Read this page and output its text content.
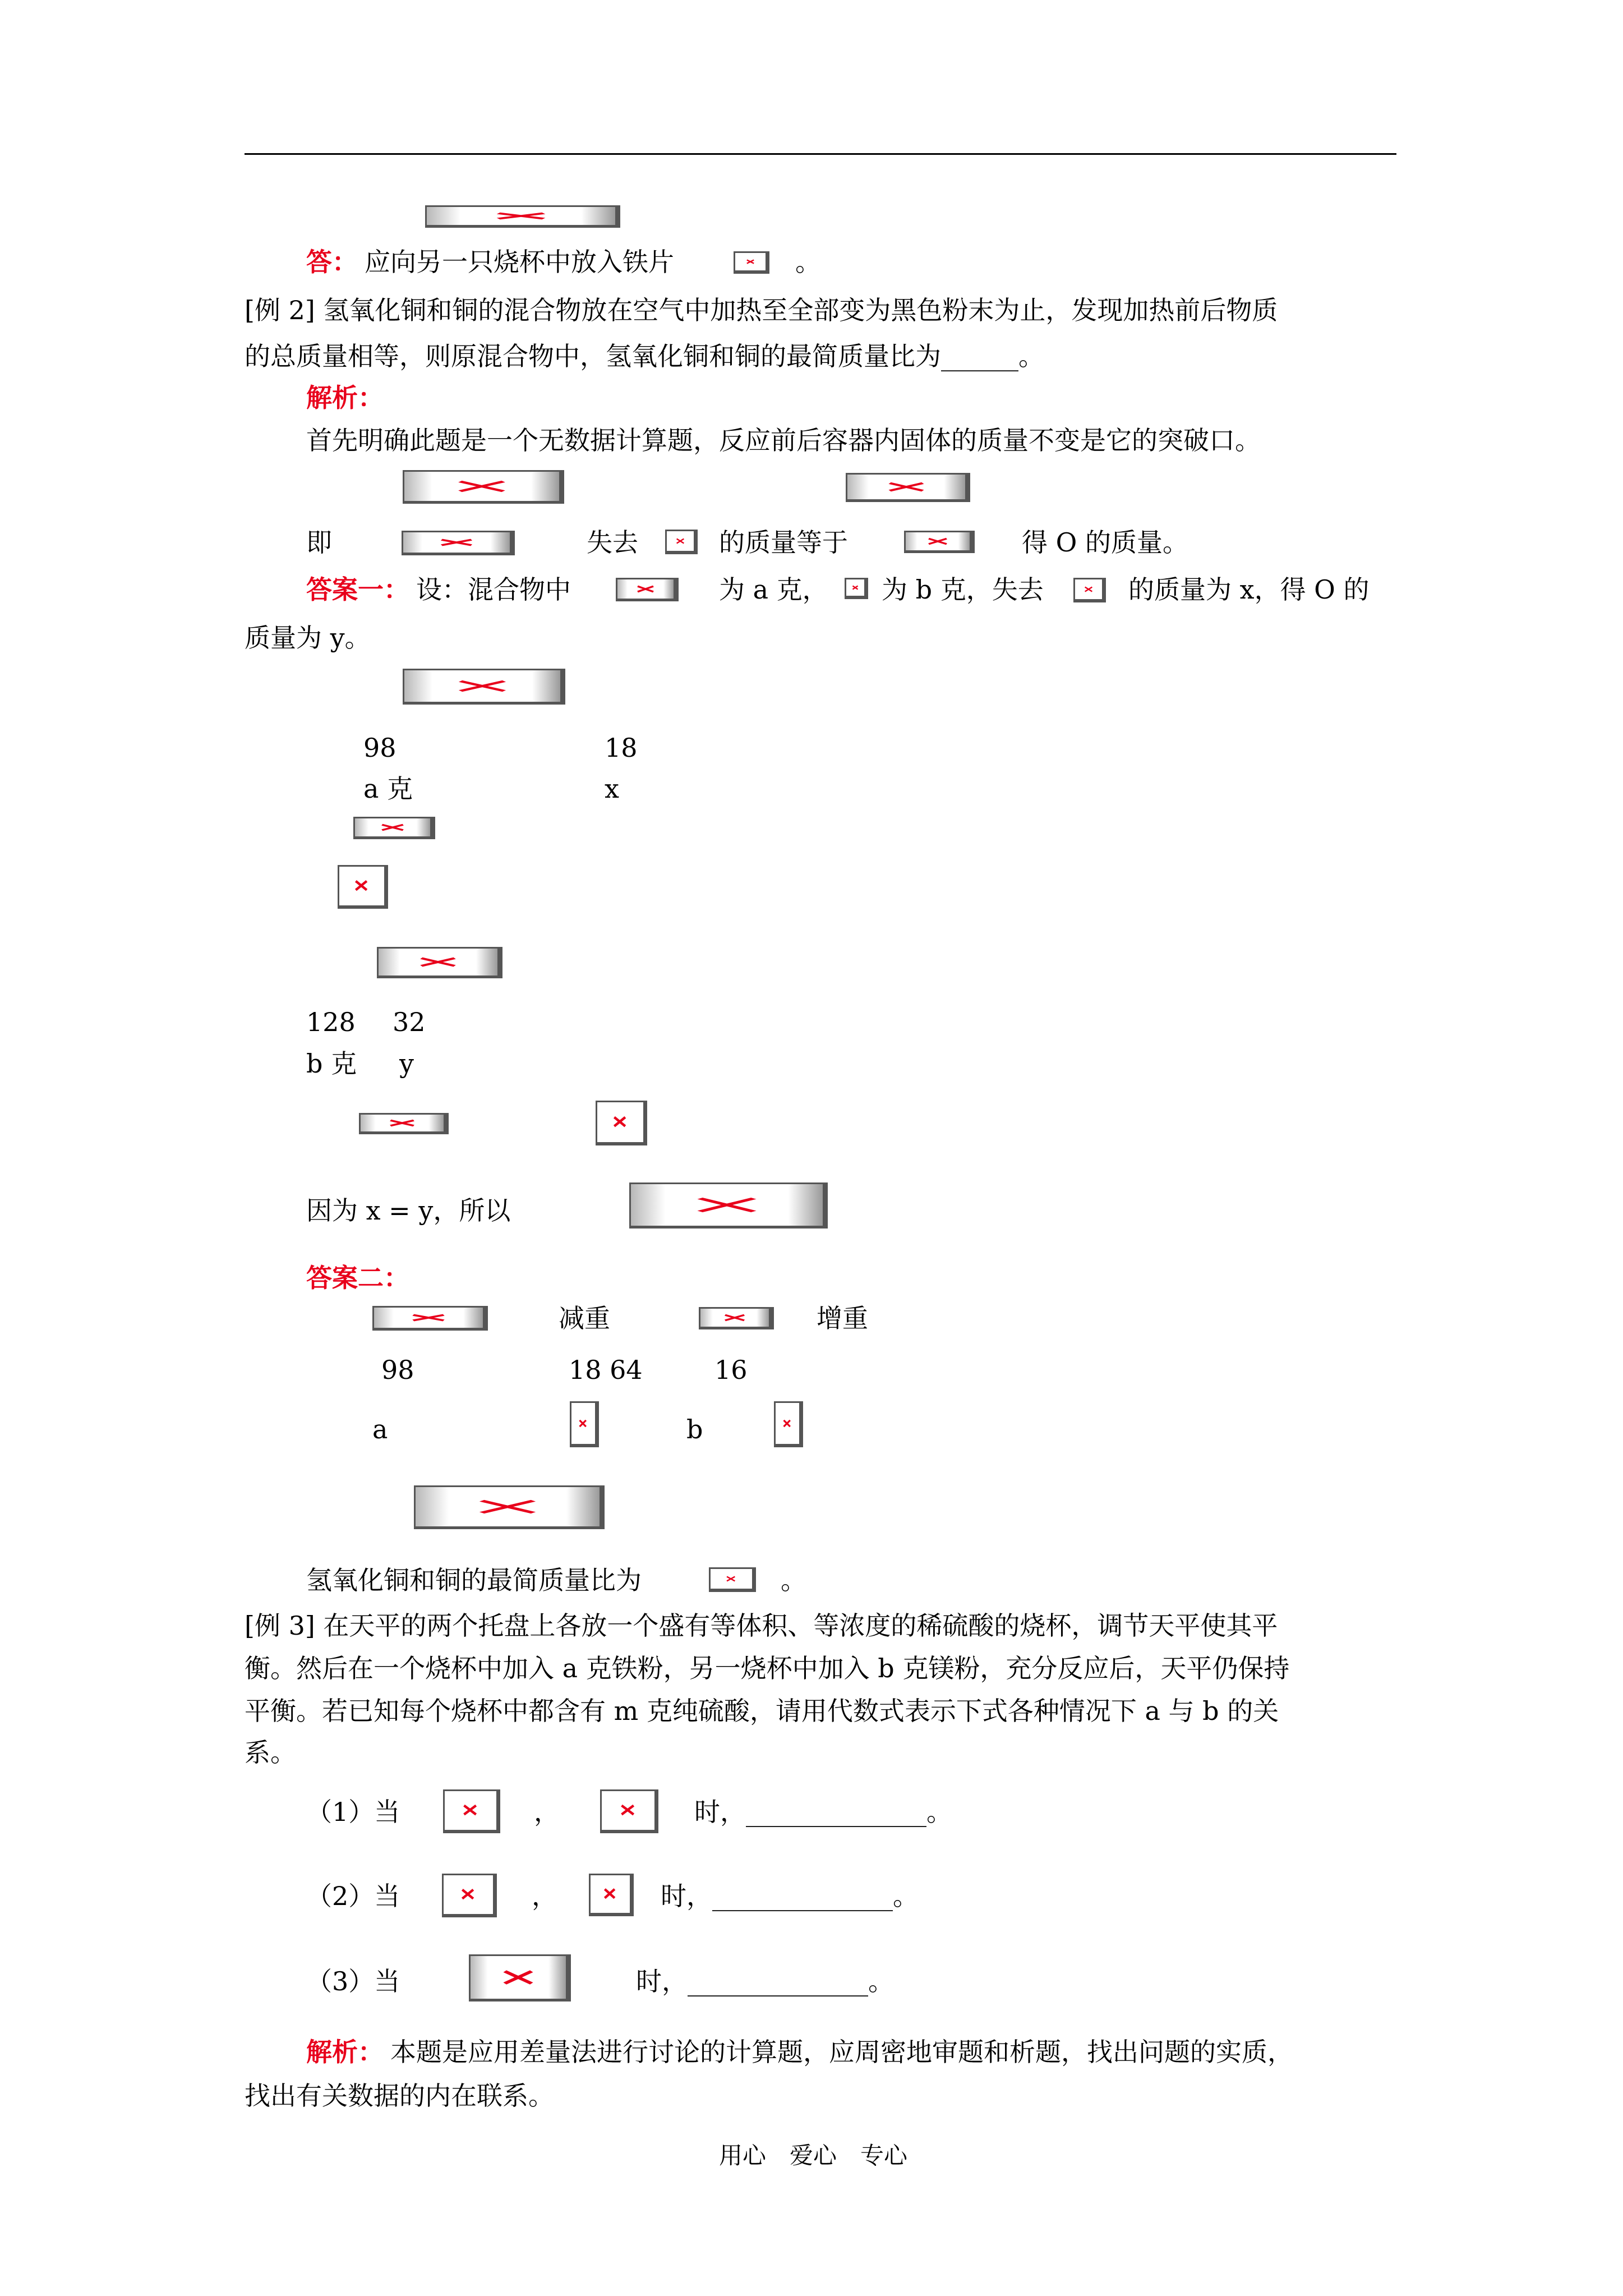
答： 应向另一只烧杯中放入铁片	。
[例 2] 氢氧化铜和铜的混合物放在空气中加热至全部变为黑色粉末为止，发现加热前后物质
的总质量相等，则原混合物中，氢氧化铜和铜的最简质量比为______。
解析：
首先明确此题是一个无数据计算题，反应前后容器内固体的质量不变是它的突破口。
即	失去	的质量等于	得 O 的质量。
答案一： 设：混合物中	为 a 克， 为 b 克，失去	的质量为 x，得 O 的
质量为 y。
98	18
a 克	x
128 32
b 克 y
因为 x = y，所以
答案二：
减重	增重
98	18 64	16
a	b
氢氧化铜和铜的最简质量比为	。
[例 3] 在天平的两个托盘上各放一个盛有等体积、等浓度的稀硫酸的烧杯，调节天平使其平
衡。然后在一个烧杯中加入 a 克铁粉，另一烧杯中加入 b 克镁粉，充分反应后，天平仍保持
平衡。若已知每个烧杯中都含有 m 克纯硫酸，请用代数式表示下式各种情况下 a 与 b 的关
系。
（1）当	，	时，______________。
（2）当	，	时，______________。
（3）当	时，______________。
解析： 本题是应用差量法进行讨论的计算题，应周密地审题和析题，找出问题的实质，
找出有关数据的内在联系。
用心　爱心　专心
